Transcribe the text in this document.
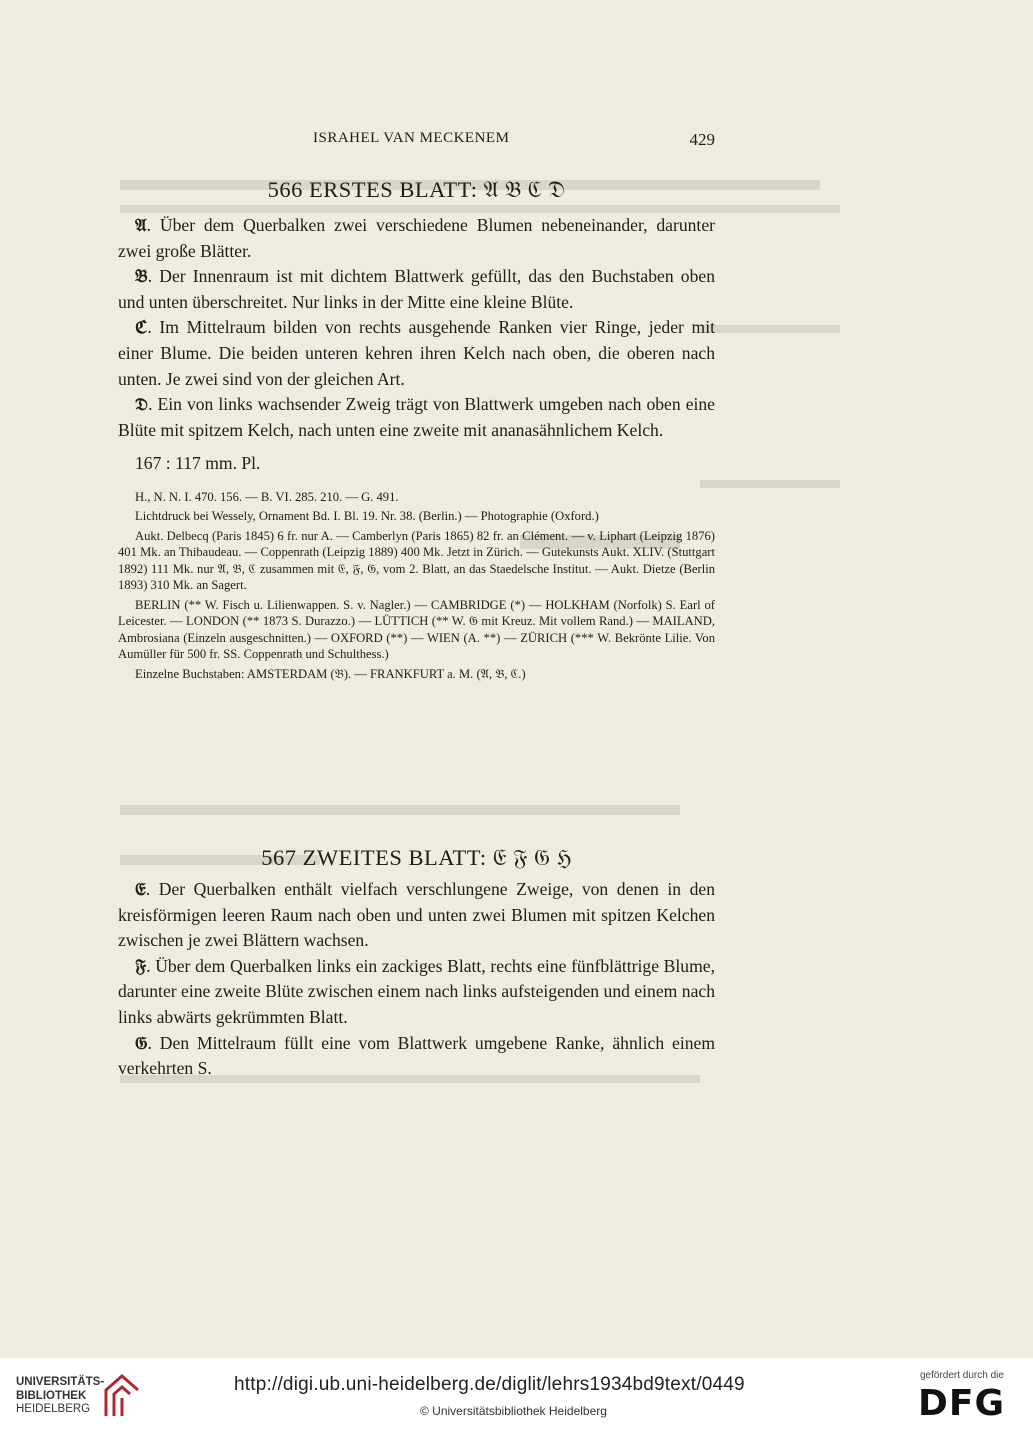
ISRAHEL VAN MECKENEM	429
566 ERSTES BLATT: 𝔄 𝔅 ℭ 𝔇

𝔄. Über dem Querbalken zwei verschiedene Blumen nebeneinander, darunter zwei große Blätter.

𝔅. Der Innenraum ist mit dichtem Blattwerk gefüllt, das den Buchstaben oben und unten überschreitet. Nur links in der Mitte eine kleine Blüte.

ℭ. Im Mittelraum bilden von rechts ausgehende Ranken vier Ringe, jeder mit einer Blume. Die beiden unteren kehren ihren Kelch nach oben, die oberen nach unten. Je zwei sind von der gleichen Art.

𝔇. Ein von links wachsender Zweig trägt von Blattwerk umgeben nach oben eine Blüte mit spitzem Kelch, nach unten eine zweite mit ananasähnlichem Kelch.

167 : 117 mm. Pl.

H., N. N. I. 470. 156. — B. VI. 285. 210. — G. 491.

Lichtdruck bei Wessely, Ornament Bd. I. Bl. 19. Nr. 38. (Berlin.) — Photographie (Oxford.)

Aukt. Delbecq (Paris 1845) 6 fr. nur A. — Camberlyn (Paris 1865) 82 fr. an Clément. — v. Liphart (Leipzig 1876) 401 Mk. an Thibaudeau. — Coppenrath (Leipzig 1889) 400 Mk. Jetzt in Zürich. — Gutekunsts Aukt. XLIV. (Stuttgart 1892) 111 Mk. nur 𝔄, 𝔅, ℭ zusammen mit 𝔈, 𝔉, 𝔊, vom 2. Blatt, an das Staedelsche Institut. — Aukt. Dietze (Berlin 1893) 310 Mk. an Sagert.

BERLIN (** W. Fisch u. Lilienwappen. S. v. Nagler.) — CAMBRIDGE (*) — HOLKHAM (Norfolk) S. Earl of Leicester. — LONDON (** 1873 S. Durazzo.) — LÜTTICH (** W. 𝔊 mit Kreuz. Mit vollem Rand.) — MAILAND, Ambrosiana (Einzeln ausgeschnitten.) — OXFORD (**) — WIEN (A. **) — ZÜRICH (*** W. Bekrönte Lilie. Von Aumüller für 500 fr. SS. Coppenrath und Schulthess.)

Einzelne Buchstaben: AMSTERDAM (𝔅). — FRANKFURT a. M. (𝔄, 𝔅, ℭ.)

567 ZWEITES BLATT: 𝔈 𝔉 𝔊 ℌ

𝔈. Der Querbalken enthält vielfach verschlungene Zweige, von denen in den kreisförmigen leeren Raum nach oben und unten zwei Blumen mit spitzen Kelchen zwischen je zwei Blättern wachsen.

𝔉. Über dem Querbalken links ein zackiges Blatt, rechts eine fünfblättrige Blume, darunter eine zweite Blüte zwischen einem nach links aufsteigenden und einem nach links abwärts gekrümmten Blatt.

𝔊. Den Mittelraum füllt eine vom Blattwerk umgebene Ranke, ähnlich einem verkehrten S.

UNIVERSITÄTS-
BIBLIOTHEK
HEIDELBERG
http://digi.ub.uni-heidelberg.de/diglit/lehrs1934bd9text/0449
© Universitätsbibliothek Heidelberg
gefördert durch die
DFG
